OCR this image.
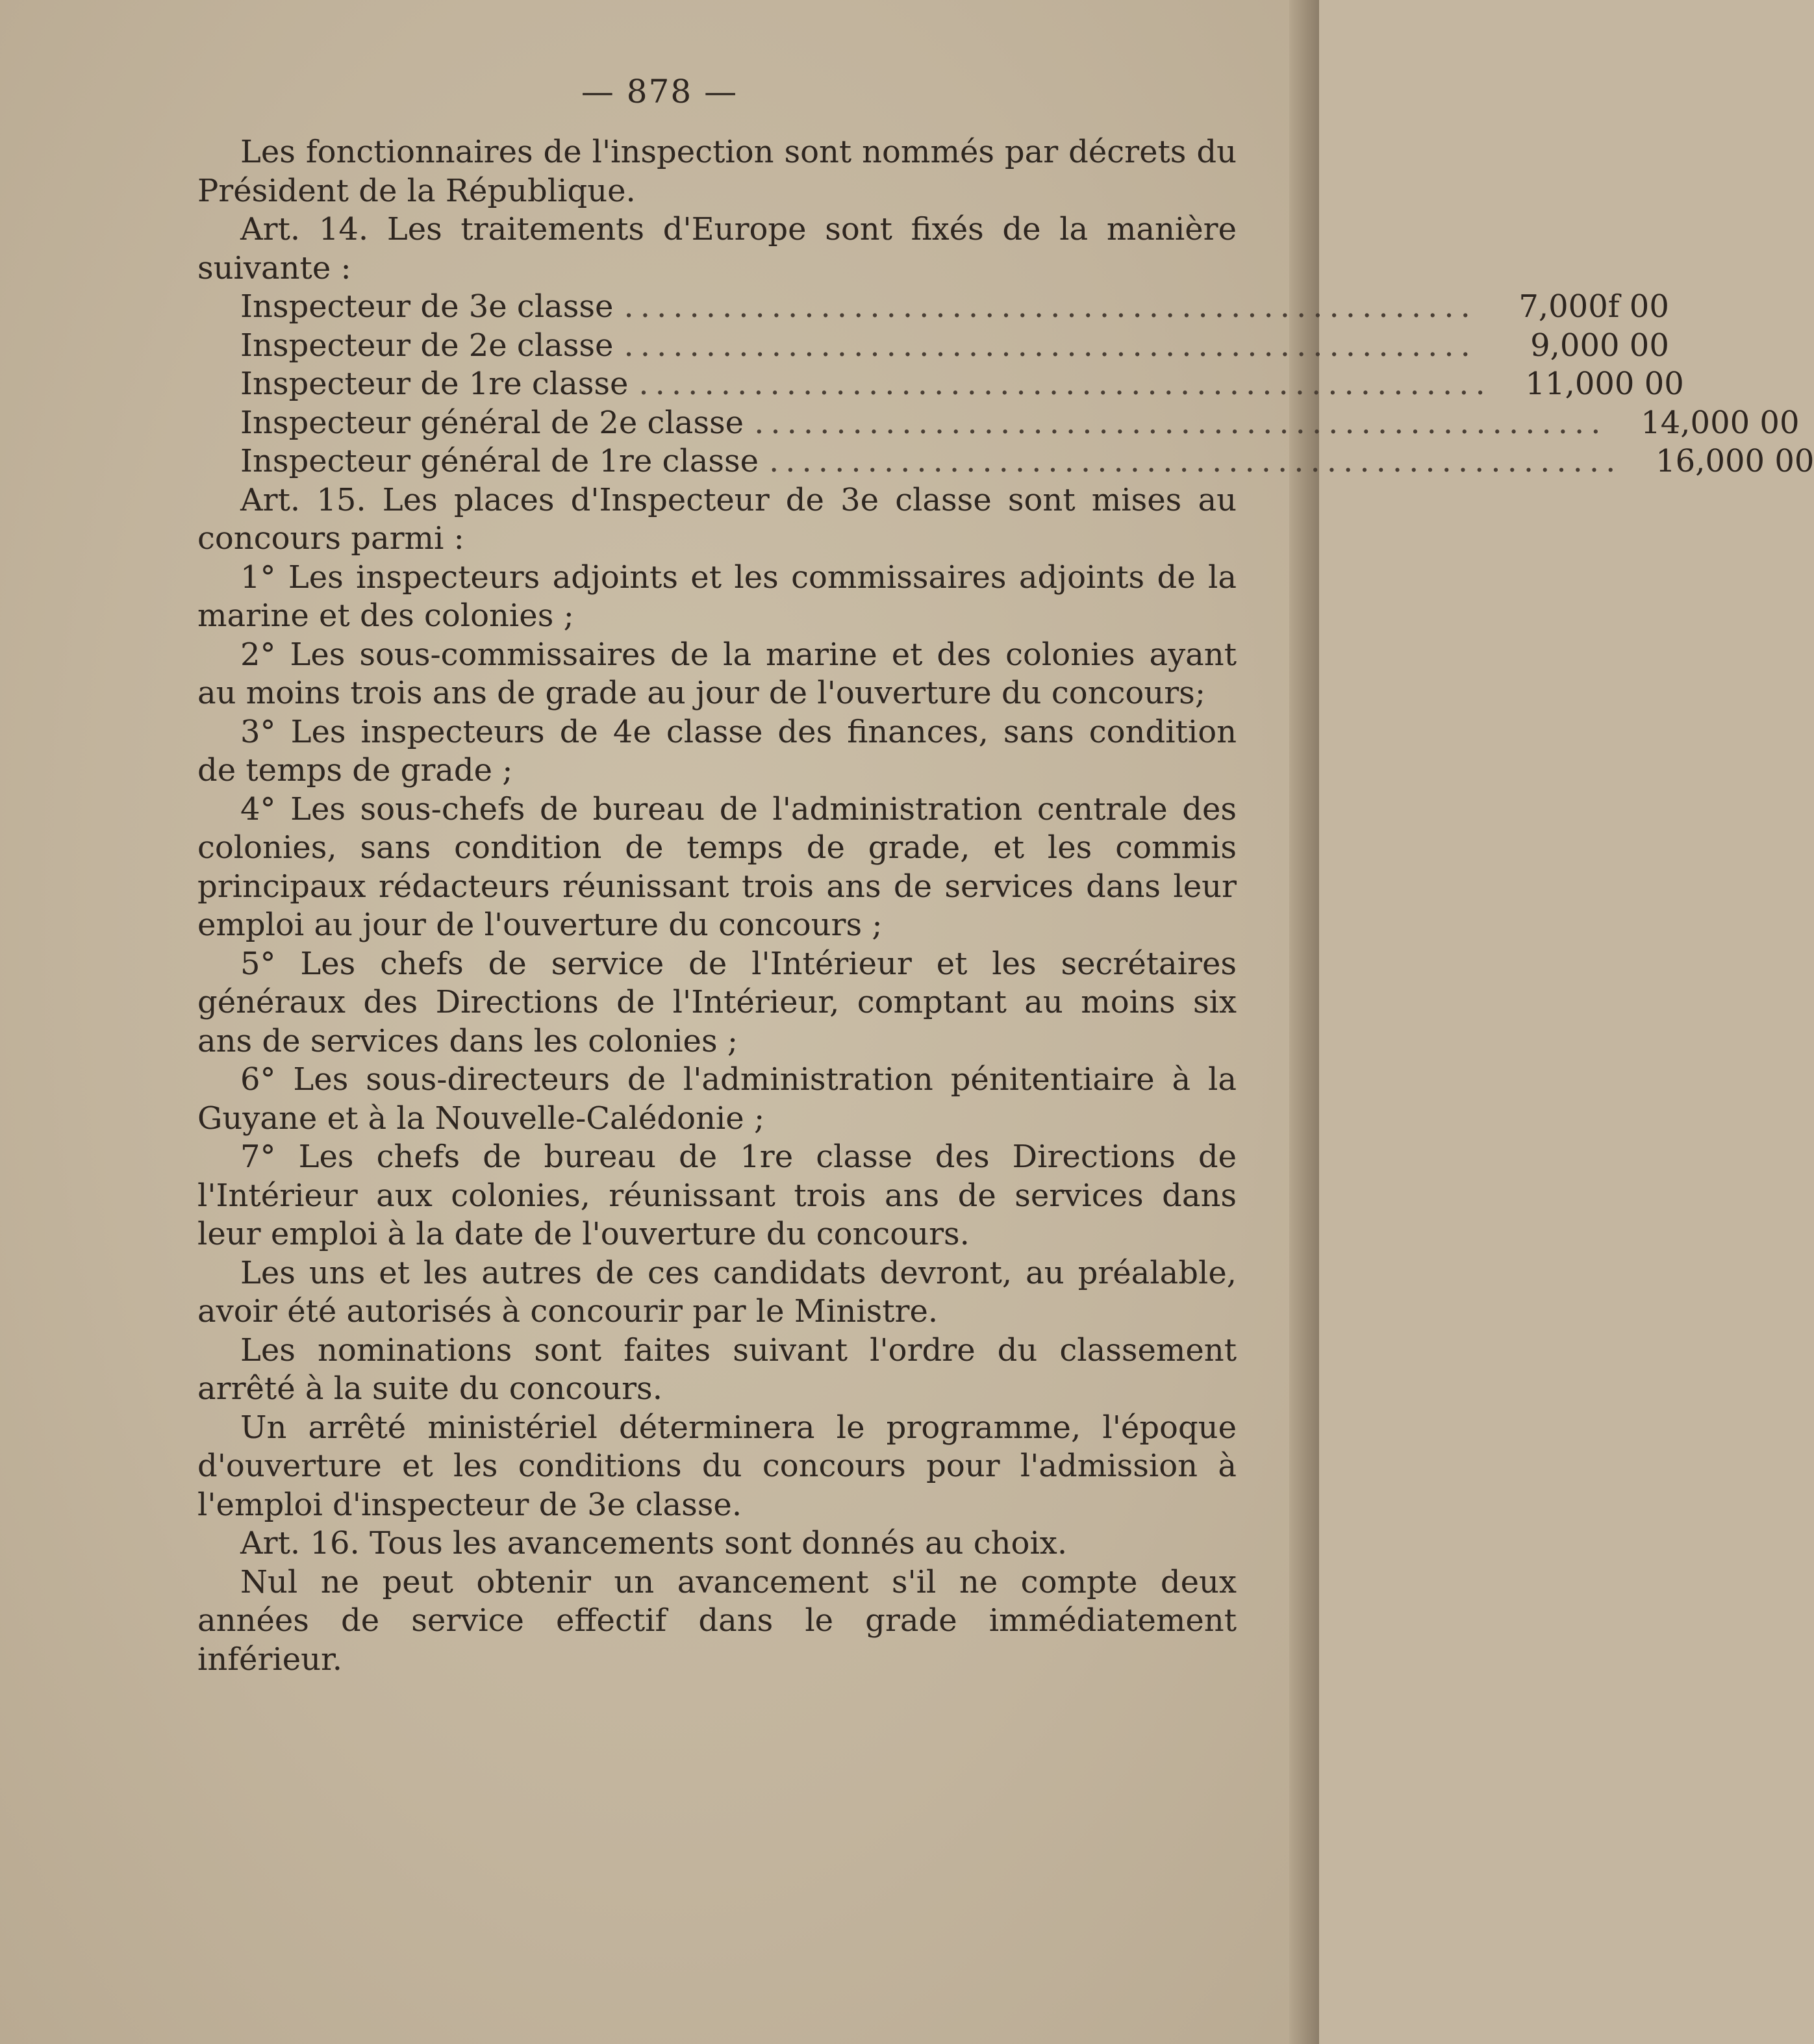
— 878 —

Les fonctionnaires de l'inspection sont nommés par décrets du Président de la République.

Art. 14. Les traitements d'Europe sont fixés de la manière suivante :

Inspecteur de 3e classe ....................................................	7,000f 00

Inspecteur de 2e classe ....................................................	9,000 00

Inspecteur de 1re classe ....................................................	11,000 00

Inspecteur général de 2e classe ....................................................	14,000 00

Inspecteur général de 1re classe ....................................................	16,000 00

Art. 15. Les places d'Inspecteur de 3e classe sont mises au concours parmi :

1° Les inspecteurs adjoints et les commissaires adjoints de la marine et des colonies ;

2° Les sous-commissaires de la marine et des colonies ayant au moins trois ans de grade au jour de l'ouverture du concours;

3° Les inspecteurs de 4e classe des finances, sans condition de temps de grade ;

4° Les sous-chefs de bureau de l'administration centrale des colonies, sans condition de temps de grade, et les commis principaux rédacteurs réunissant trois ans de services dans leur emploi au jour de l'ouverture du concours ;

5° Les chefs de service de l'Intérieur et les secrétaires généraux des Directions de l'Intérieur, comptant au moins six ans de services dans les colonies ;

6° Les sous-directeurs de l'administration pénitentiaire à la Guyane et à la Nouvelle-Calédonie ;

7° Les chefs de bureau de 1re classe des Directions de l'Intérieur aux colonies, réunissant trois ans de services dans leur emploi à la date de l'ouverture du concours.

Les uns et les autres de ces candidats devront, au préalable, avoir été autorisés à concourir par le Ministre.

Les nominations sont faites suivant l'ordre du classement arrêté à la suite du concours.

Un arrêté ministériel déterminera le programme, l'époque d'ouverture et les conditions du concours pour l'admission à l'emploi d'inspecteur de 3e classe.

Art. 16. Tous les avancements sont donnés au choix.

Nul ne peut obtenir un avancement s'il ne compte deux années de service effectif dans le grade immédiatement inférieur.
